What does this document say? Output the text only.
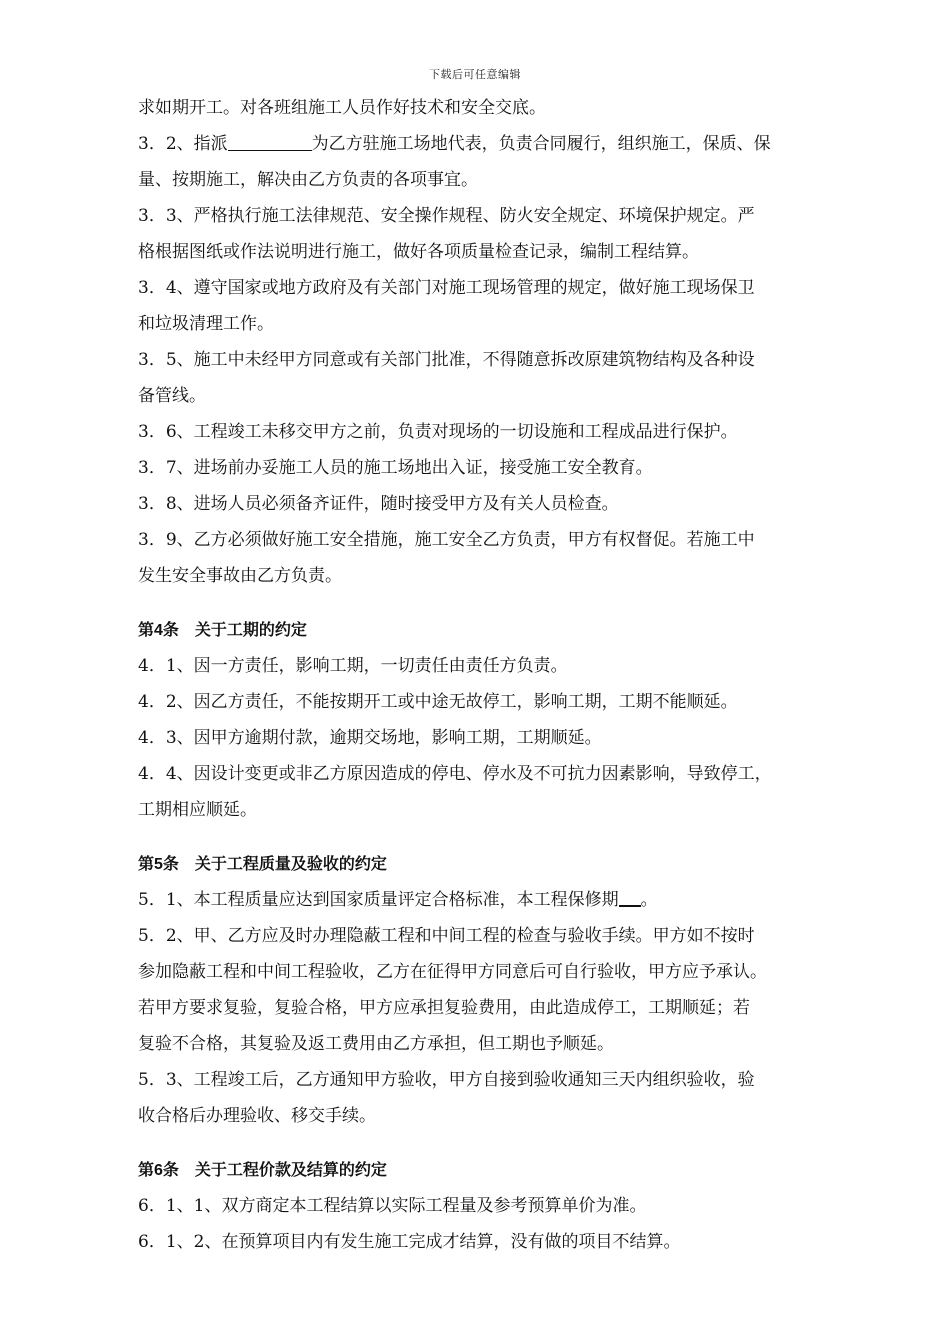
下载后可任意编辑
求如期开工。对各班组施工人员作好技术和安全交底。
3．2、指派	为乙方驻施工场地代表，负责合同履行，组织施工，保质、保
量、按期施工，解决由乙方负责的各项事宜。
3．3、严格执行施工法律规范、安全操作规程、防火安全规定、环境保护规定。严
格根据图纸或作法说明进行施工，做好各项质量检查记录，编制工程结算。
3．4、遵守国家或地方政府及有关部门对施工现场管理的规定，做好施工现场保卫
和垃圾清理工作。
3．5、施工中未经甲方同意或有关部门批准，不得随意拆改原建筑物结构及各种设
备管线。
3．6、工程竣工未移交甲方之前，负责对现场的一切设施和工程成品进行保护。
3．7、进场前办妥施工人员的施工场地出入证，接受施工安全教育。
3．8、进场人员必须备齐证件，随时接受甲方及有关人员检查。
3．9、乙方必须做好施工安全措施，施工安全乙方负责，甲方有权督促。若施工中
发生安全事故由乙方负责。
第4条　关于工期的约定
4．1、因一方责任，影响工期，一切责任由责任方负责。
4．2、因乙方责任，不能按期开工或中途无故停工，影响工期，工期不能顺延。
4．3、因甲方逾期付款，逾期交场地，影响工期，工期顺延。
4．4、因设计变更或非乙方原因造成的停电、停水及不可抗力因素影响，导致停工，
工期相应顺延。
第5条　关于工程质量及验收的约定
5．1、本工程质量应达到国家质量评定合格标准，本工程保修期 。
5．2、甲、乙方应及时办理隐蔽工程和中间工程的检查与验收手续。甲方如不按时
参加隐蔽工程和中间工程验收，乙方在征得甲方同意后可自行验收，甲方应予承认。
若甲方要求复验，复验合格，甲方应承担复验费用，由此造成停工，工期顺延；若
复验不合格，其复验及返工费用由乙方承担，但工期也予顺延。
5．3、工程竣工后，乙方通知甲方验收，甲方自接到验收通知三天内组织验收，验
收合格后办理验收、移交手续。
第6条　关于工程价款及结算的约定
6．1、1、双方商定本工程结算以实际工程量及参考预算单价为准。
6．1、2、在预算项目内有发生施工完成才结算，没有做的项目不结算。
